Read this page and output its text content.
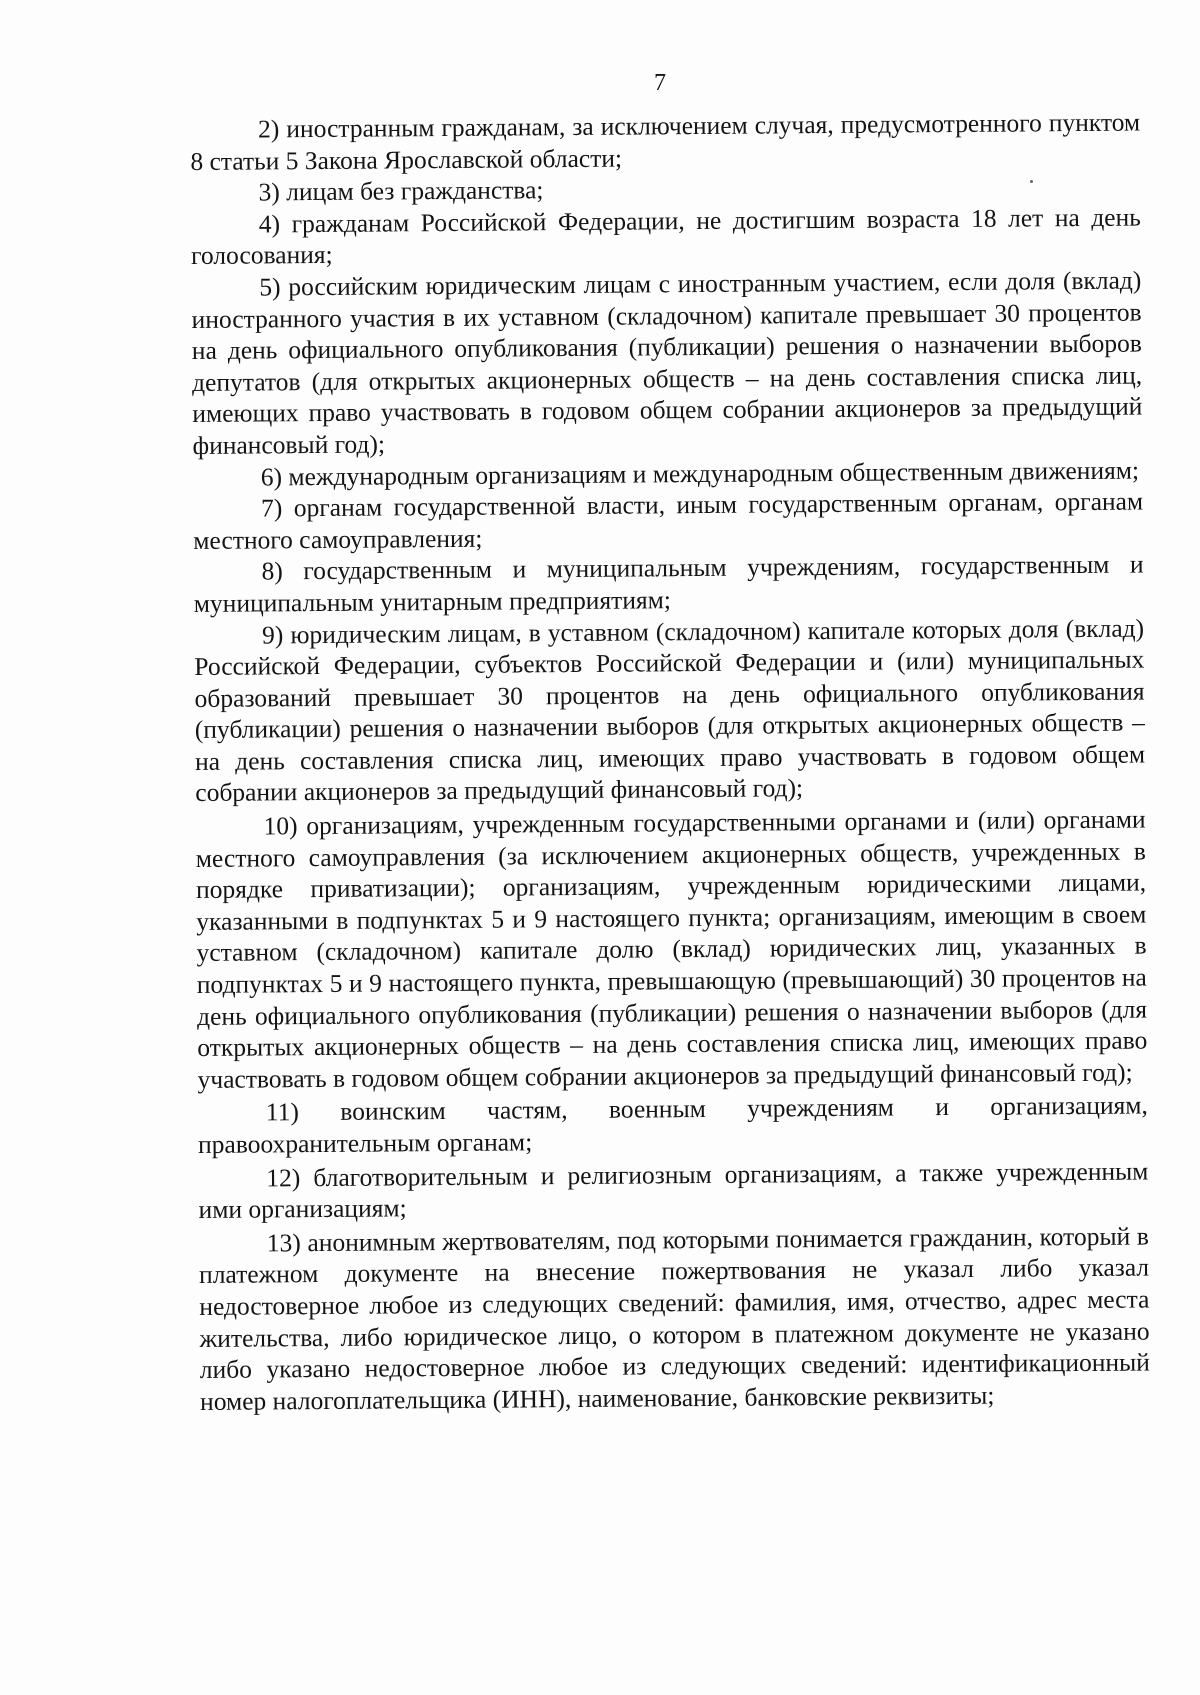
7

2) иностранным гражданам, за исключением случая, предусмотренного пунктом 8 статьи 5 Закона Ярославской области;

3) лицам без гражданства;

4) гражданам Российской Федерации, не достигшим возраста 18 лет на день голосования;

5) российским юридическим лицам с иностранным участием, если доля (вклад) иностранного участия в их уставном (складочном) капитале превышает 30 процентов на день официального опубликования (публикации) решения о назначении выборов депутатов (для открытых акционерных обществ – на день составления списка лиц, имеющих право участвовать в годовом общем собрании акционеров за предыдущий финансовый год);

6) международным организациям и международным общественным движениям;

7) органам государственной власти, иным государственным органам, органам местного самоуправления;

8) государственным и муниципальным учреждениям, государственным и муниципальным унитарным предприятиям;

9) юридическим лицам, в уставном (складочном) капитале которых доля (вклад) Российской Федерации, субъектов Российской Федерации и (или) муниципальных образований превышает 30 процентов на день официального опубликования (публикации) решения о назначении выборов (для открытых акционерных обществ – на день составления списка лиц, имеющих право участвовать в годовом общем собрании акционеров за предыдущий финансовый год);

10) организациям, учрежденным государственными органами и (или) органами местного самоуправления (за исключением акционерных обществ, учрежденных в порядке приватизации); организациям, учрежденным юридическими лицами, указанными в подпунктах 5 и 9 настоящего пункта; организациям, имеющим в своем уставном (складочном) капитале долю (вклад) юридических лиц, указанных в подпунктах 5 и 9 настоящего пункта, превышающую (превышающий) 30 процентов на день официального опубликования (публикации) решения о назначении выборов (для открытых акционерных обществ – на день составления списка лиц, имеющих право участвовать в годовом общем собрании акционеров за предыдущий финансовый год);

11) воинским частям, военным учреждениям и организациям, правоохранительным органам;

12) благотворительным и религиозным организациям, а также учрежденным ими организациям;

13) анонимным жертвователям, под которыми понимается гражданин, который в платежном документе на внесение пожертвования не указал либо указал недостоверное любое из следующих сведений: фамилия, имя, отчество, адрес места жительства, либо юридическое лицо, о котором в платежном документе не указано либо указано недостоверное любое из следующих сведений: идентификационный номер налогоплательщика (ИНН), наименование, банковские реквизиты;
